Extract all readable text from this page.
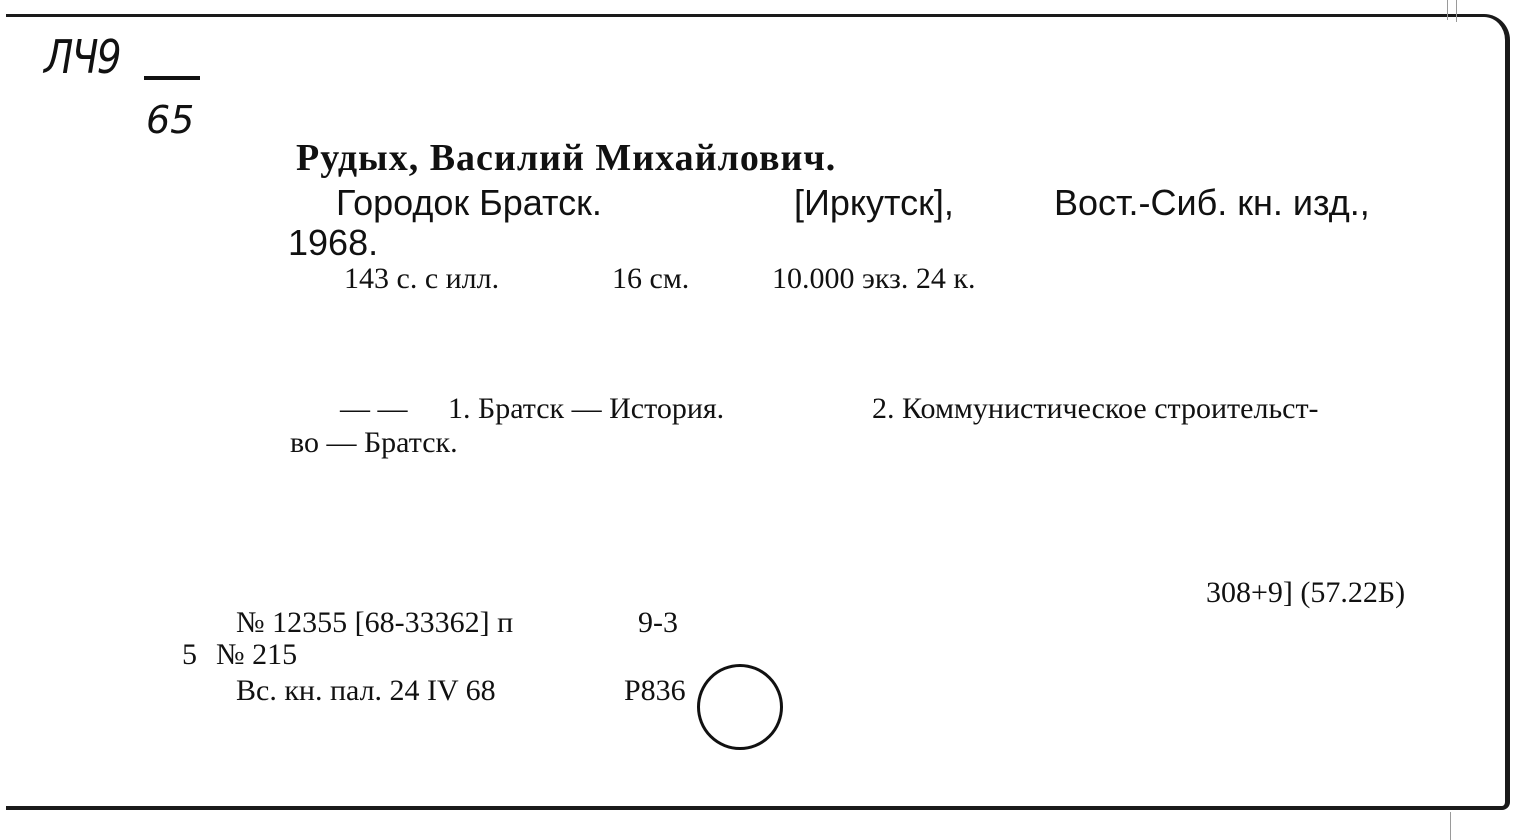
ЛЧ9
65
Рудых, Василий Михайлович.
Городок Братск.	[Иркутск],	Вост.-Сиб. кн. изд.,
1968.
143 с. с илл.	16 см.	10.000 экз. 24 к.
— — 1. Братск — История.	2. Коммунистическое строительст-
во — Братск.
308+9] (57.22Б)
№ 12355 [68-33362] п	9-3
5 № 215
Вс. кн. пал. 24 IV 68	P836
